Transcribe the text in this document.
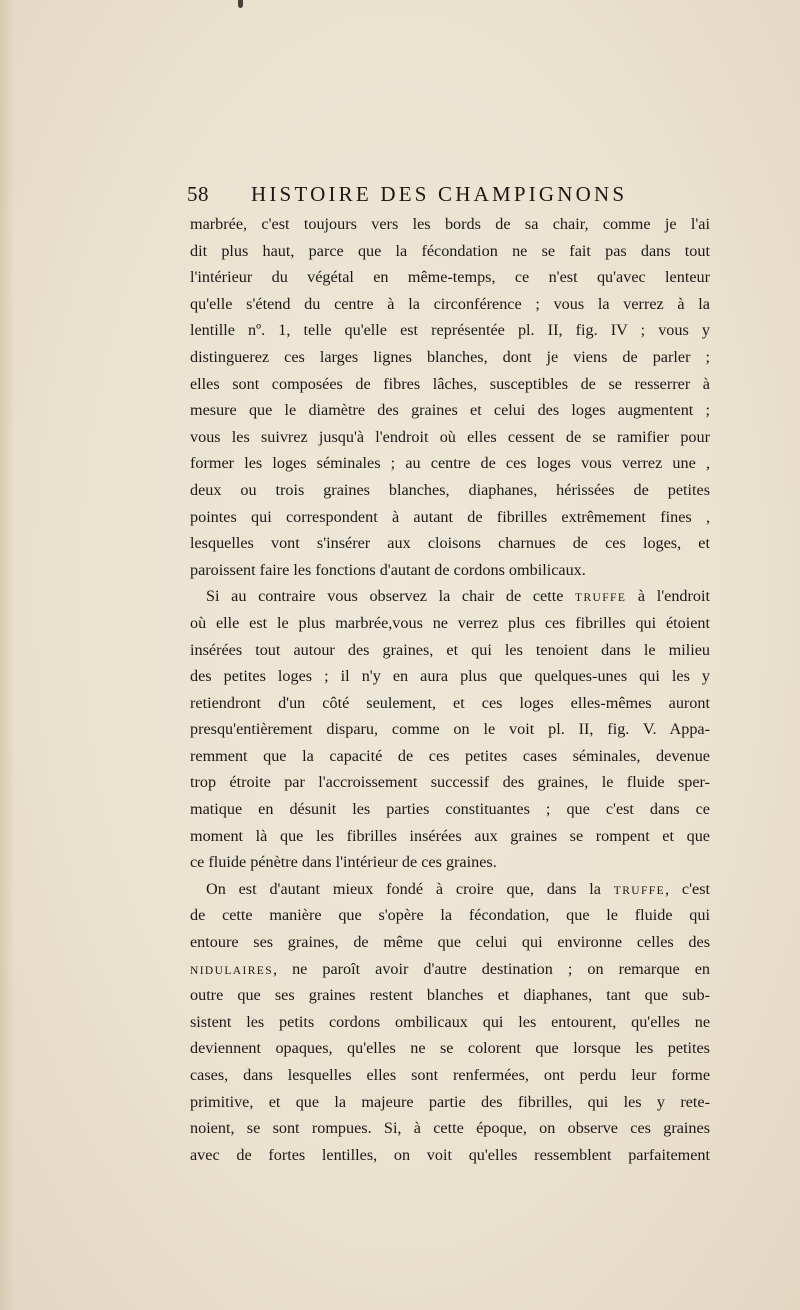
58 HISTOIRE DES CHAMPIGNONS
marbrée, c'est toujours vers les bords de sa chair, comme je l'ai
dit plus haut, parce que la fécondation ne se fait pas dans tout
l'intérieur du végétal en même-temps, ce n'est qu'avec lenteur
qu'elle s'étend du centre à la circonférence ; vous la verrez à la
lentille nº. 1, telle qu'elle est représentée pl. II, fig. IV ; vous y
distinguerez ces larges lignes blanches, dont je viens de parler ;
elles sont composées de fibres lâches, susceptibles de se resserrer à
mesure que le diamètre des graines et celui des loges augmentent ;
vous les suivrez jusqu'à l'endroit où elles cessent de se ramifier pour
former les loges séminales ; au centre de ces loges vous verrez une ,
deux ou trois graines blanches, diaphanes, hérissées de petites
pointes qui correspondent à autant de fibrilles extrêmement fines ,
lesquelles vont s'insérer aux cloisons charnues de ces loges, et
paroissent faire les fonctions d'autant de cordons ombilicaux.
Si au contraire vous observez la chair de cette TRUFFE à l'endroit
où elle est le plus marbrée,vous ne verrez plus ces fibrilles qui étoient
insérées tout autour des graines, et qui les tenoient dans le milieu
des petites loges ; il n'y en aura plus que quelques-unes qui les y
retiendront d'un côté seulement, et ces loges elles-mêmes auront
presqu'entièrement disparu, comme on le voit pl. II, fig. V. Appa-
remment que la capacité de ces petites cases séminales, devenue
trop étroite par l'accroissement successif des graines, le fluide sper-
matique en désunit les parties constituantes ; que c'est dans ce
moment là que les fibrilles insérées aux graines se rompent et que
ce fluide pénètre dans l'intérieur de ces graines.
On est d'autant mieux fondé à croire que, dans la TRUFFE, c'est
de cette manière que s'opère la fécondation, que le fluide qui
entoure ses graines, de même que celui qui environne celles des
NIDULAIRES, ne paroît avoir d'autre destination ; on remarque en
outre que ses graines restent blanches et diaphanes, tant que sub-
sistent les petits cordons ombilicaux qui les entourent, qu'elles ne
deviennent opaques, qu'elles ne se colorent que lorsque les petites
cases, dans lesquelles elles sont renfermées, ont perdu leur forme
primitive, et que la majeure partie des fibrilles, qui les y rete-
noient, se sont rompues. Si, à cette époque, on observe ces graines
avec de fortes lentilles, on voit qu'elles ressemblent parfaitement
